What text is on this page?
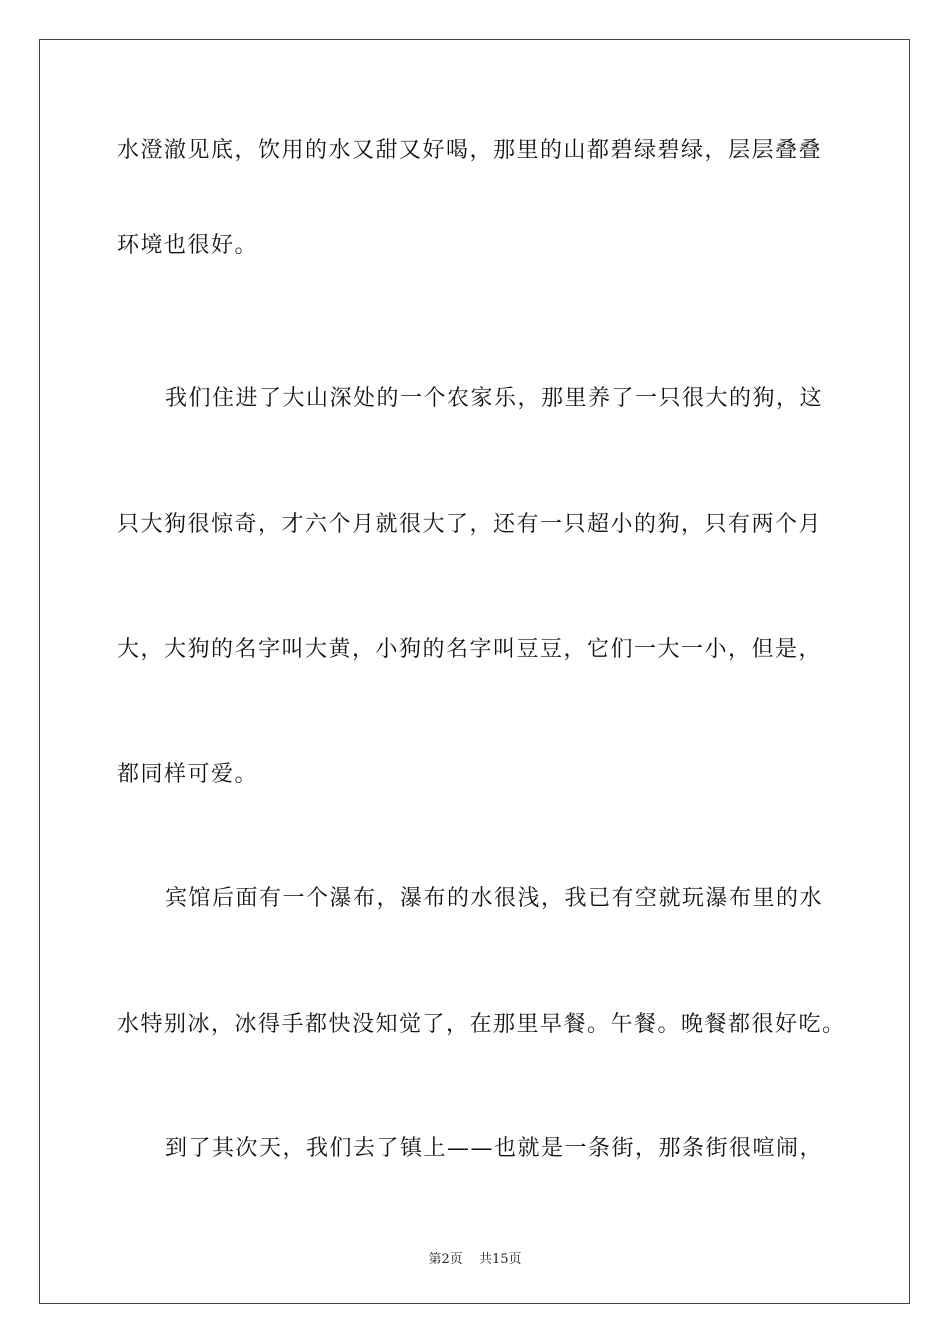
水澄澈见底，饮用的水又甜又好喝，那里的山都碧绿碧绿，层层叠叠
环境也很好。
我们住进了大山深处的一个农家乐，那里养了一只很大的狗，这
只大狗很惊奇，才六个月就很大了，还有一只超小的狗，只有两个月
大，大狗的名字叫大黄，小狗的名字叫豆豆，它们一大一小，但是，
都同样可爱。
宾馆后面有一个瀑布，瀑布的水很浅，我已有空就玩瀑布里的水
水特别冰，冰得手都快没知觉了，在那里早餐。午餐。晚餐都很好吃。
到了其次天，我们去了镇上——也就是一条街，那条街很喧闹，
第2页 共15页
